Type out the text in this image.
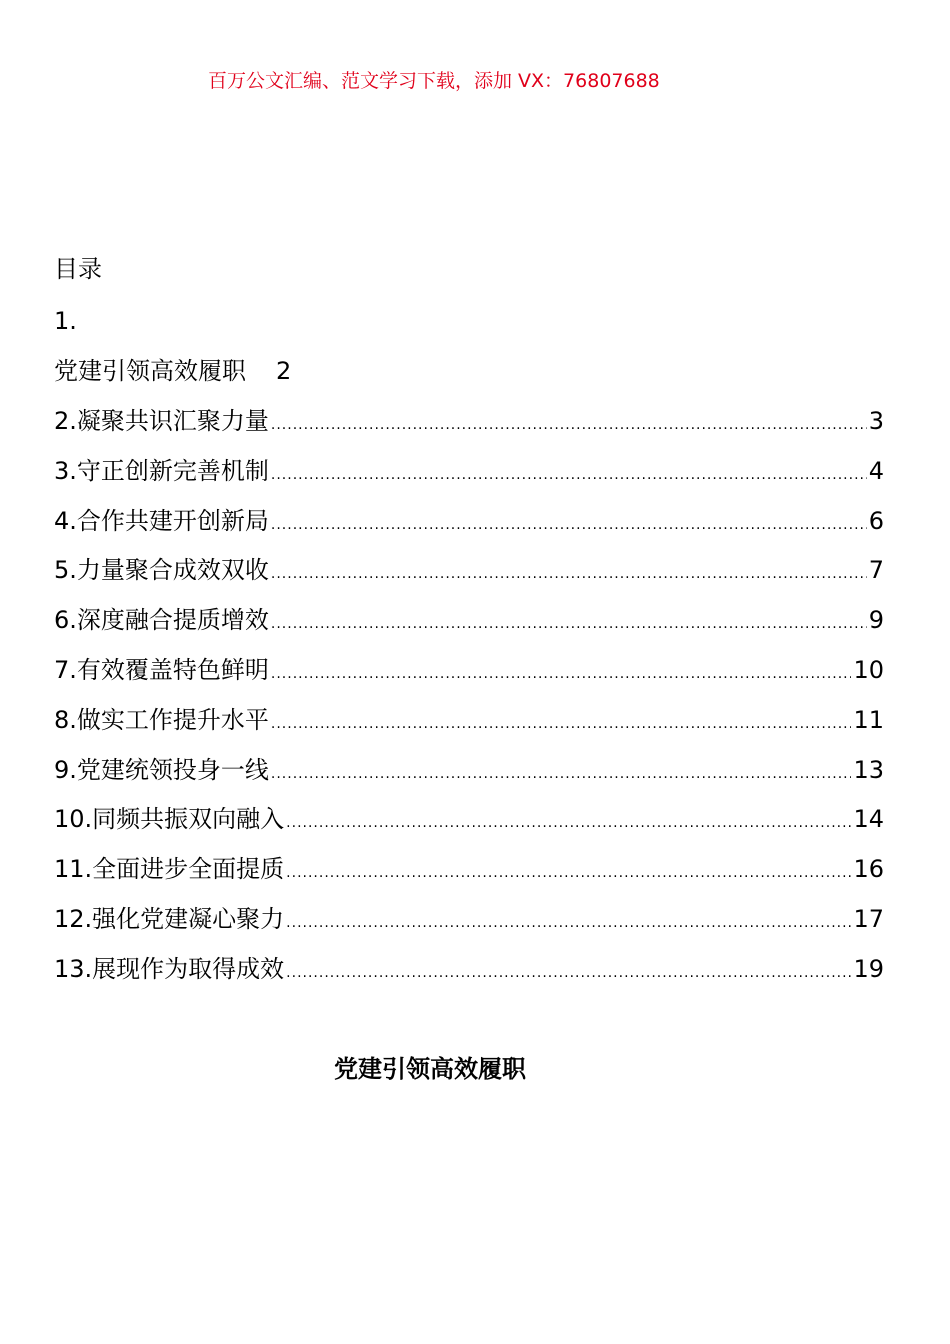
百万公文汇编、范文学习下载，添加 VX：76807688
目录
1.
党建引领高效履职 2
2.凝聚共识汇聚力量 .....	3
3.守正创新完善机制 .....	4
4.合作共建开创新局 .....	6
5.力量聚合成效双收 .....	7
6.深度融合提质增效 .....	9
7.有效覆盖特色鲜明 .....	10
8.做实工作提升水平 .....	11
9.党建统领投身一线 .....	13
10.同频共振双向融入 .....	14
11.全面进步全面提质 .....	16
12.强化党建凝心聚力 .....	17
13.展现作为取得成效 .....	19
党建引领高效履职
